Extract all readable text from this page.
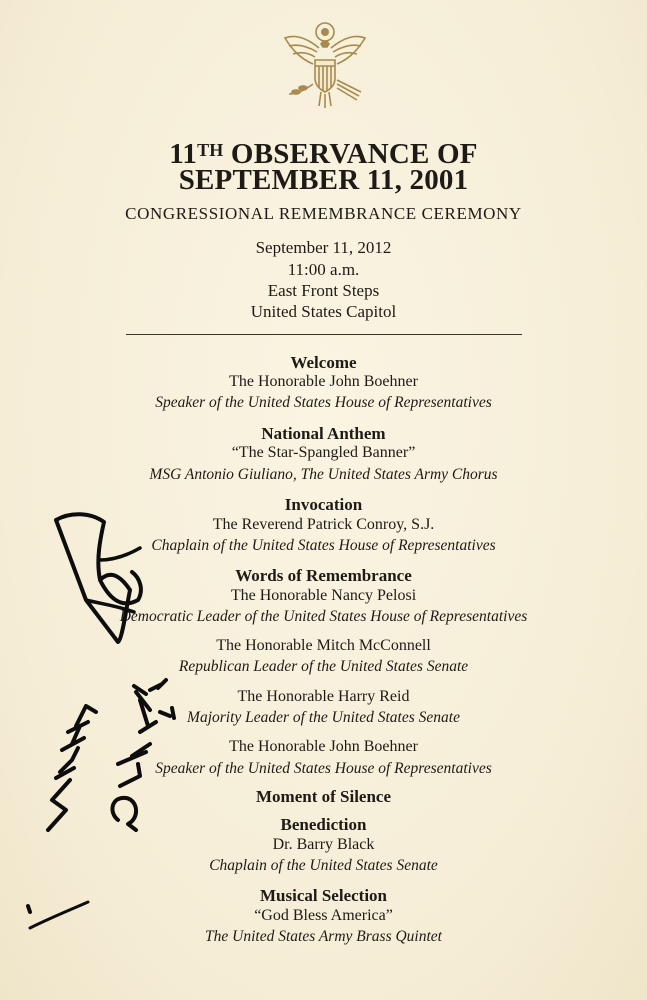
11TH OBSERVANCE OF
SEPTEMBER 11, 2001
CONGRESSIONAL REMEMBRANCE CEREMONY
September 11, 2012
11:00 a.m.
East Front Steps
United States Capitol
Welcome
The Honorable John Boehner
Speaker of the United States House of Representatives
National Anthem
“The Star-Spangled Banner”
MSG Antonio Giuliano, The United States Army Chorus
Invocation
The Reverend Patrick Conroy, S.J.
Chaplain of the United States House of Representatives
Words of Remembrance
The Honorable Nancy Pelosi
Democratic Leader of the United States House of Representatives
The Honorable Mitch McConnell
Republican Leader of the United States Senate
The Honorable Harry Reid
Majority Leader of the United States Senate
The Honorable John Boehner
Speaker of the United States House of Representatives
Moment of Silence
Benediction
Dr. Barry Black
Chaplain of the United States Senate
Musical Selection
“God Bless America”
The United States Army Brass Quintet
